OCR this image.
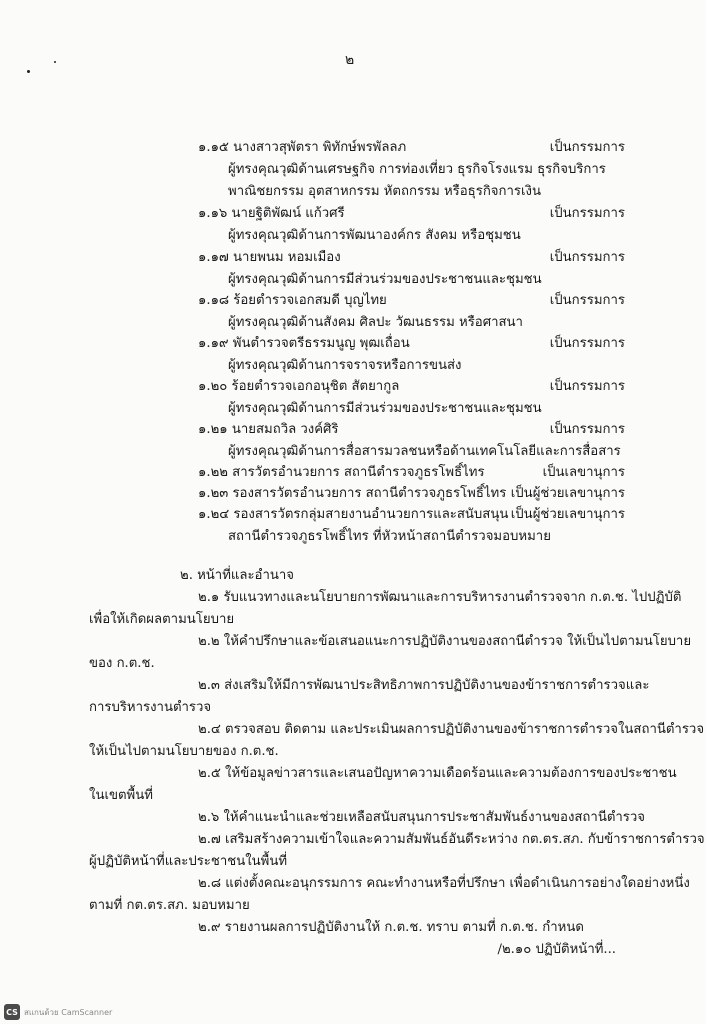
๒
๑.๑๕ นางสาวสุพัตรา พิทักษ์พรพัลลภ	เป็นกรรมการ
ผู้ทรงคุณวุฒิด้านเศรษฐกิจ การท่องเที่ยว ธุรกิจโรงแรม ธุรกิจบริการ
พาณิชยกรรม อุตสาหกรรม หัตถกรรม หรือธุรกิจการเงิน
๑.๑๖ นายฐิติพัฒน์ แก้วศรี	เป็นกรรมการ
ผู้ทรงคุณวุฒิด้านการพัฒนาองค์กร สังคม หรือชุมชน
๑.๑๗ นายพนม หอมเมือง	เป็นกรรมการ
ผู้ทรงคุณวุฒิด้านการมีส่วนร่วมของประชาชนและชุมชน
๑.๑๘ ร้อยตำรวจเอกสมดี บุญไทย	เป็นกรรมการ
ผู้ทรงคุณวุฒิด้านสังคม ศิลปะ วัฒนธรรม หรือศาสนา
๑.๑๙ พันตำรวจตรีธรรมนูญ พุฒเถื่อน	เป็นกรรมการ
ผู้ทรงคุณวุฒิด้านการจราจรหรือการขนส่ง
๑.๒๐ ร้อยตำรวจเอกอนุชิต สัตยากูล	เป็นกรรมการ
ผู้ทรงคุณวุฒิด้านการมีส่วนร่วมของประชาชนและชุมชน
๑.๒๑ นายสมถวิล วงค์ศิริ	เป็นกรรมการ
ผู้ทรงคุณวุฒิด้านการสื่อสารมวลชนหรือด้านเทคโนโลยีและการสื่อสาร
๑.๒๒ สารวัตรอำนวยการ สถานีตำรวจภูธรโพธิ์ไทร	เป็นเลขานุการ
๑.๒๓ รองสารวัตรอำนวยการ สถานีตำรวจภูธรโพธิ์ไทร เป็นผู้ช่วยเลขานุการ
๑.๒๔ รองสารวัตรกลุ่มสายงานอำนวยการและสนับสนุน เป็นผู้ช่วยเลขานุการ
สถานีตำรวจภูธรโพธิ์ไทร ที่หัวหน้าสถานีตำรวจมอบหมาย
๒. หน้าที่และอำนาจ
๒.๑ รับแนวทางและนโยบายการพัฒนาและการบริหารงานตำรวจจาก ก.ต.ช. ไปปฏิบัติ
เพื่อให้เกิดผลตามนโยบาย
๒.๒ ให้คำปรึกษาและข้อเสนอแนะการปฏิบัติงานของสถานีตำรวจ ให้เป็นไปตามนโยบาย
ของ ก.ต.ช.
๒.๓ ส่งเสริมให้มีการพัฒนาประสิทธิภาพการปฏิบัติงานของข้าราชการตำรวจและ
การบริหารงานตำรวจ
๒.๔ ตรวจสอบ ติดตาม และประเมินผลการปฏิบัติงานของข้าราชการตำรวจในสถานีตำรวจ
ให้เป็นไปตามนโยบายของ ก.ต.ช.
๒.๕ ให้ข้อมูลข่าวสารและเสนอปัญหาความเดือดร้อนและความต้องการของประชาชน
ในเขตพื้นที่
๒.๖ ให้คำแนะนำและช่วยเหลือสนับสนุนการประชาสัมพันธ์งานของสถานีตำรวจ
๒.๗ เสริมสร้างความเข้าใจและความสัมพันธ์อันดีระหว่าง กต.ตร.สภ. กับข้าราชการตำรวจ
ผู้ปฏิบัติหน้าที่และประชาชนในพื้นที่
๒.๘ แต่งตั้งคณะอนุกรรมการ คณะทำงานหรือที่ปรึกษา เพื่อดำเนินการอย่างใดอย่างหนึ่ง
ตามที่ กต.ตร.สภ. มอบหมาย
๒.๙ รายงานผลการปฏิบัติงานให้ ก.ต.ช. ทราบ ตามที่ ก.ต.ช. กำหนด
/๒.๑๐ ปฏิบัติหน้าที่...
CS สแกนด้วย CamScanner
